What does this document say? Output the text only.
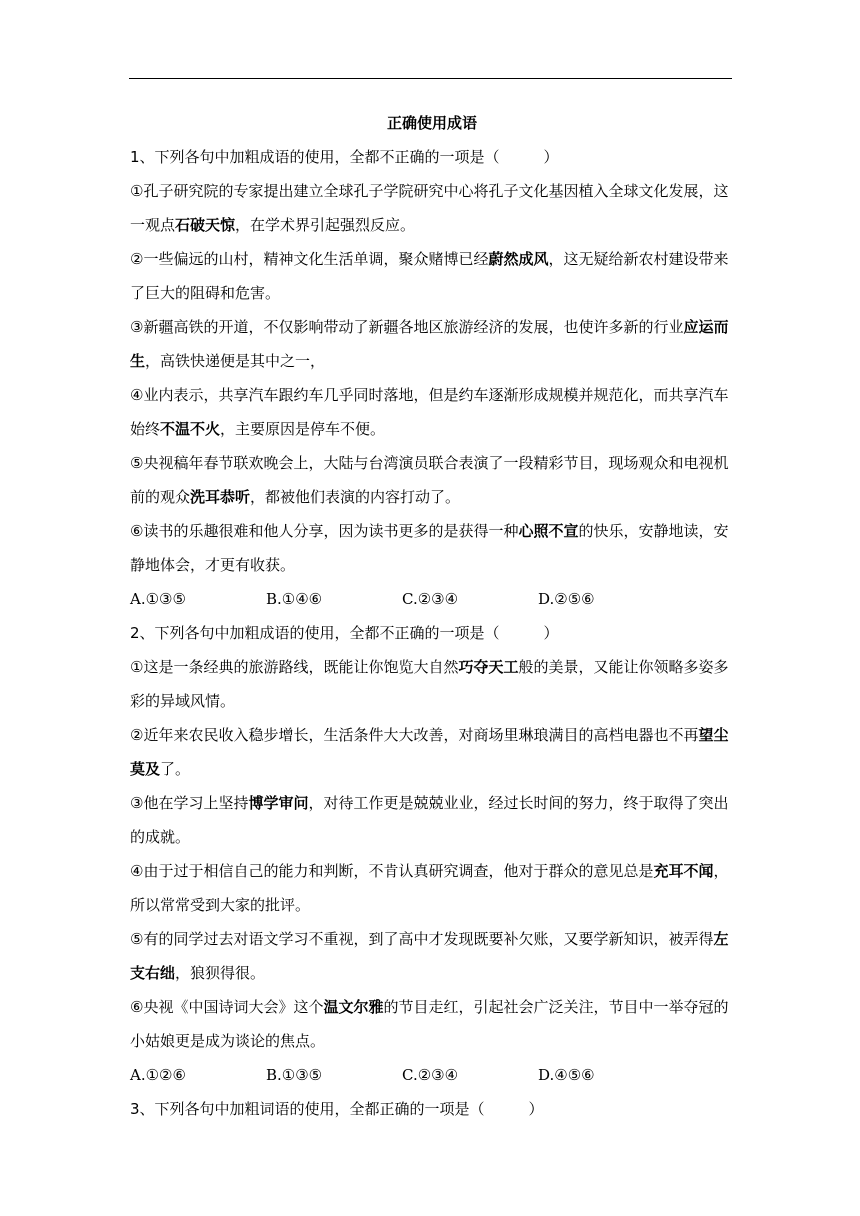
正确使用成语

1、下列各句中加粗成语的使用，全都不正确的一项是（	）

①孔子研究院的专家提出建立全球孔子学院研究中心将孔子文化基因植入全球文化发展，这一观点石破天惊，在学术界引起强烈反应。

②一些偏远的山村，精神文化生活单调，聚众赌博已经蔚然成风，这无疑给新农村建设带来了巨大的阻碍和危害。

③新疆高铁的开道，不仅影响带动了新疆各地区旅游经济的发展，也使许多新的行业应运而生，高铁快递便是其中之一，

④业内表示，共享汽车跟约车几乎同时落地，但是约车逐渐形成规模并规范化，而共享汽车始终不温不火，主要原因是停车不便。

⑤央视稿年春节联欢晚会上，大陆与台湾演员联合表演了一段精彩节目，现场观众和电视机前的观众洗耳恭听，都被他们表演的内容打动了。

⑥读书的乐趣很难和他人分享，因为读书更多的是获得一种心照不宣的快乐，安静地读，安静地体会，才更有收获。

A.①③⑤	B.①④⑥	C.②③④	D.②⑤⑥

2、下列各句中加粗成语的使用，全都不正确的一项是（	）

①这是一条经典的旅游路线，既能让你饱览大自然巧夺天工般的美景，又能让你领略多姿多彩的异域风情。

②近年来农民收入稳步增长，生活条件大大改善，对商场里琳琅满目的高档电器也不再望尘莫及了。

③他在学习上坚持博学审问，对待工作更是兢兢业业，经过长时间的努力，终于取得了突出的成就。

④由于过于相信自己的能力和判断，不肯认真研究调查，他对于群众的意见总是充耳不闻，所以常常受到大家的批评。

⑤有的同学过去对语文学习不重视，到了高中才发现既要补欠账，又要学新知识，被弄得左支右绌，狼狈得很。

⑥央视《中国诗词大会》这个温文尔雅的节目走红，引起社会广泛关注，节目中一举夺冠的小姑娘更是成为谈论的焦点。

A.①②⑥	B.①③⑤	C.②③④	D.④⑤⑥

3、下列各句中加粗词语的使用，全都正确的一项是（	）
